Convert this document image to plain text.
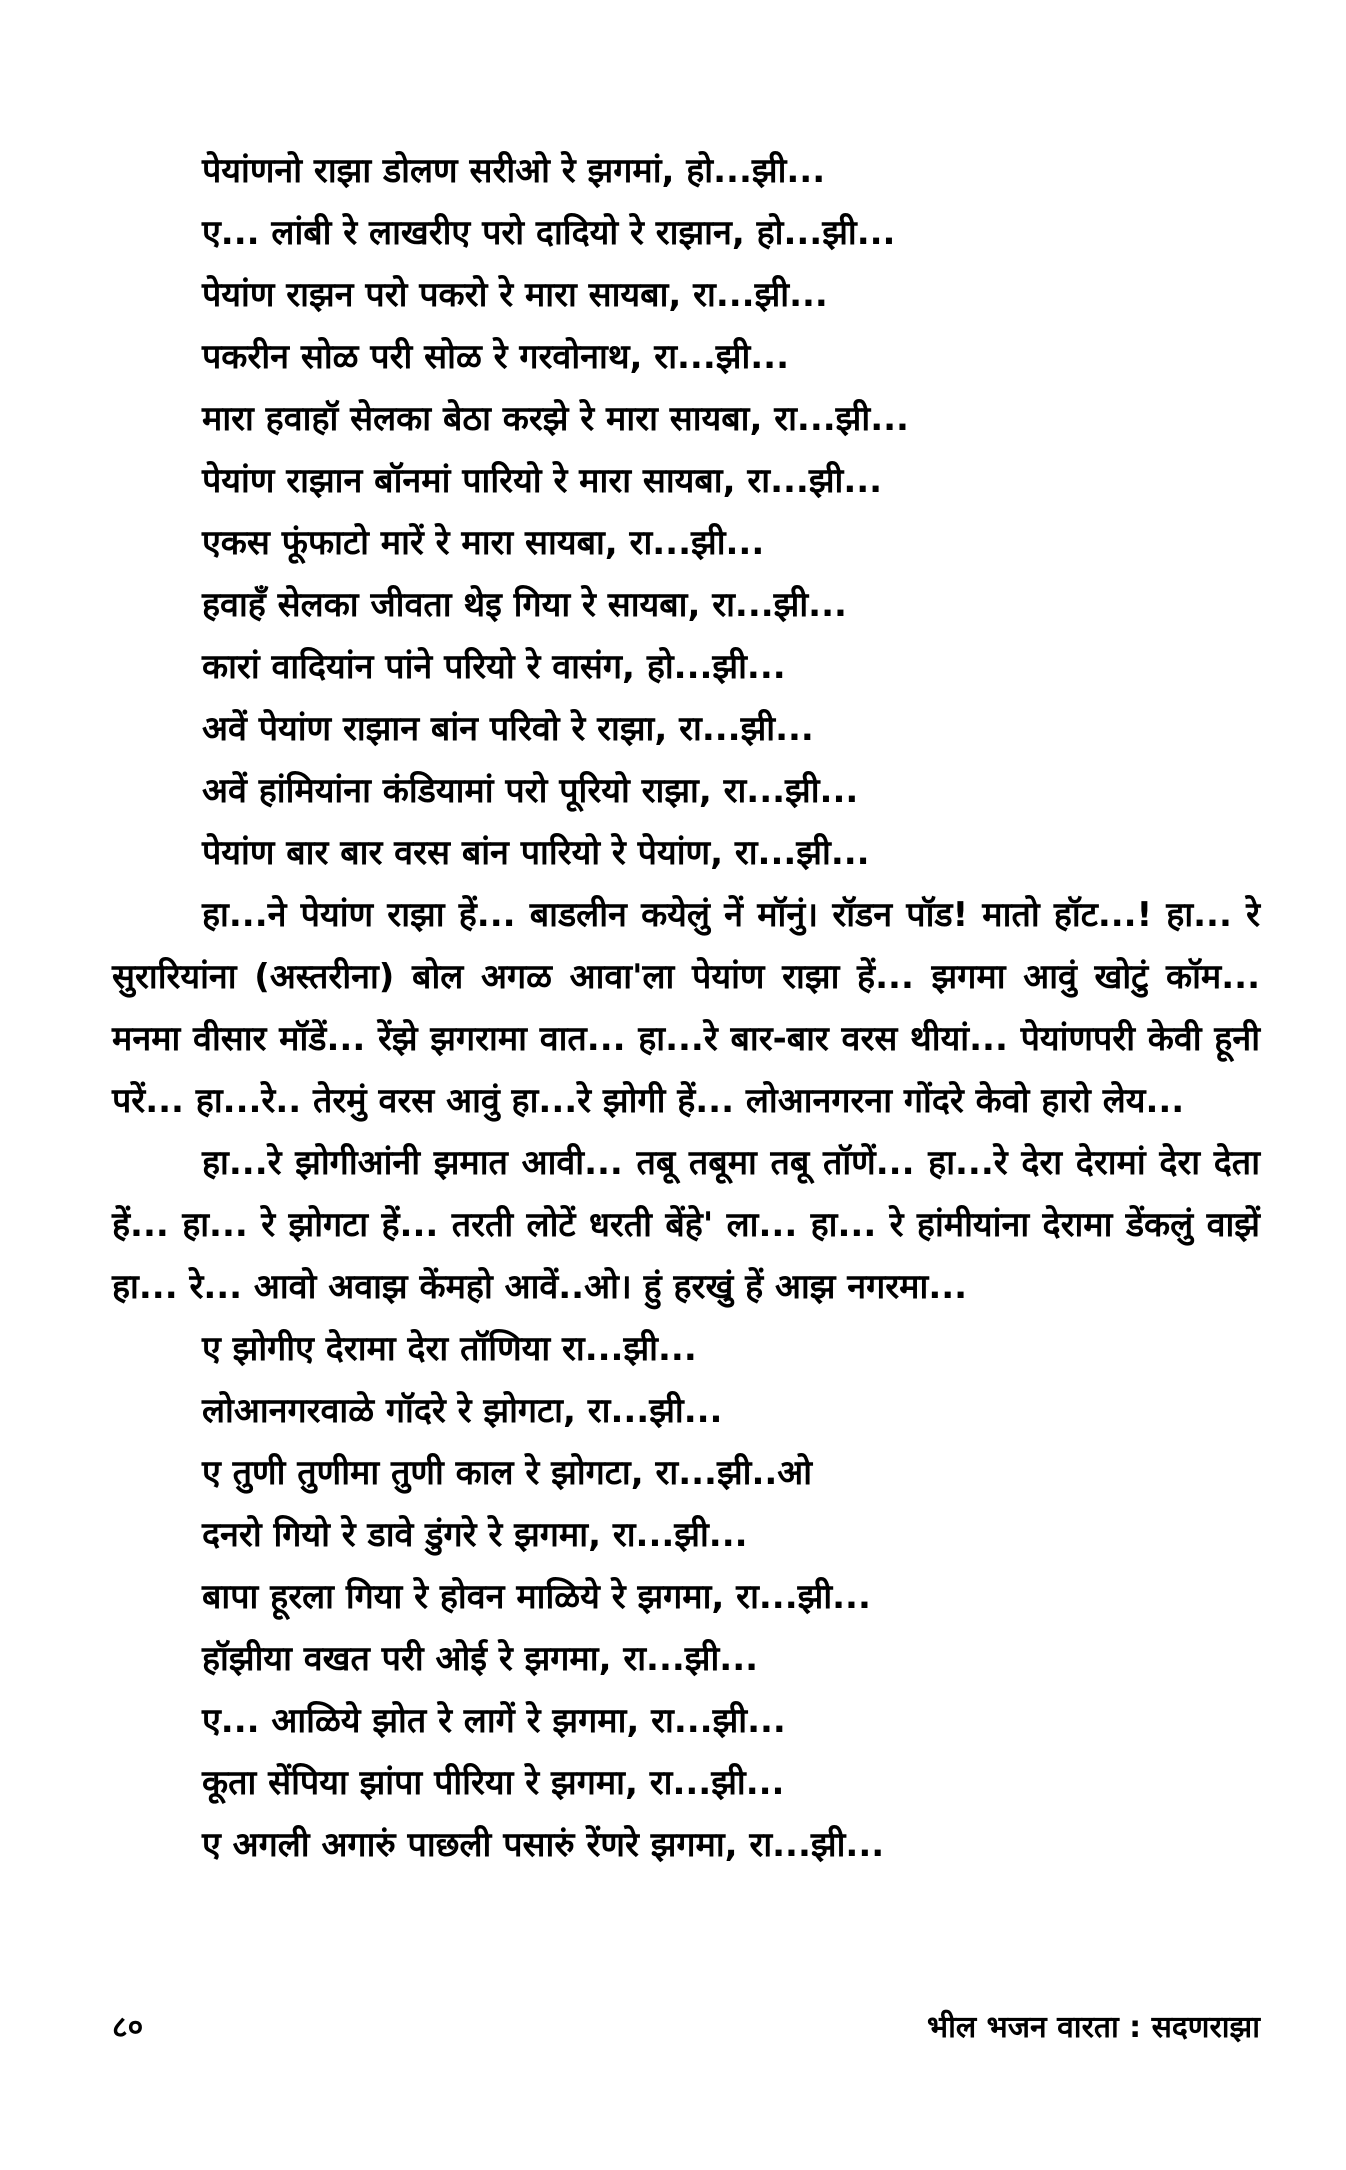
पेयांणनो राझा डोलण सरीओ रे झगमां, हो...झी...
ए... लांबी रे लाखरीए परो दादियो रे राझान, हो...झी...
पेयांण राझन परो पकरो रे मारा सायबा, रा...झी...
पकरीन सोळ परी सोळ रे गरवोनाथ, रा...झी...
मारा हवाहॉ सेलका बेठा करझे रे मारा सायबा, रा...झी...
पेयांण राझान बॉनमां पारियो रे मारा सायबा, रा...झी...
एकस फूंफाटो मारें रे मारा सायबा, रा...झी...
हवाहॅं सेलका जीवता थेइ गिया रे सायबा, रा...झी...
कारां वादियांन पांने परियो रे वासंग, हो...झी...
अवें पेयांण राझान बांन परिवो रे राझा, रा...झी...
अवें हांमियांना कंडियामां परो पूरियो राझा, रा...झी...
पेयांण बार बार वरस बांन पारियो रे पेयांण, रा...झी...

हा...ने पेयांण राझा हें... बाडलीन कयेलुं नें मॉनुं। रॉडन पॉड! मातो हॉट...! हा... रे सुरारियांना (अस्तरीना) बोल अगळ आवा'ला पेयांण राझा हें... झगमा आवुं खोटुं कॉम... मनमा वीसार मॉडें... रेंझे झगरामा वात... हा...रे बार-बार वरस थीयां... पेयांणपरी केवी हूनी परें... हा...रे.. तेरमुं वरस आवुं हा...रे झोगी हें... लोआनगरना गोंदरे केवो हारो लेय...

हा...रे झोगीआंनी झमात आवी... तबू तबूमा तबू तॉणें... हा...रे देरा देरामां देरा देता हें... हा... रे झोगटा हें... तरती लोटें धरती बेंहे' ला... हा... रे हांमीयांना देरामा डेंकलुं वाझें हा... रे... आवो अवाझ केंमहो आवें..ओ। हुं हरखुं हें आझ नगरमा...

ए झोगीए देरामा देरा तॉणिया रा...झी...
लोआनगरवाळे गॉदरे रे झोगटा, रा...झी...
ए तुणी तुणीमा तुणी काल रे झोगटा, रा...झी..ओ
दनरो गियो रे डावे डुंगरे रे झगमा, रा...झी...
बापा हूरला गिया रे होवन माळिये रे झगमा, रा...झी...
हॉझीया वखत परी ओई रे झगमा, रा...झी...
ए... आळिये झोत रे लागें रे झगमा, रा...झी...
कूता सेंपिया झांपा पीरिया रे झगमा, रा...झी...
ए अगली अगारुं पाछली पसारुं रेंणरे झगमा, रा...झी...
८०	भील भजन वारता : सदणराझा
